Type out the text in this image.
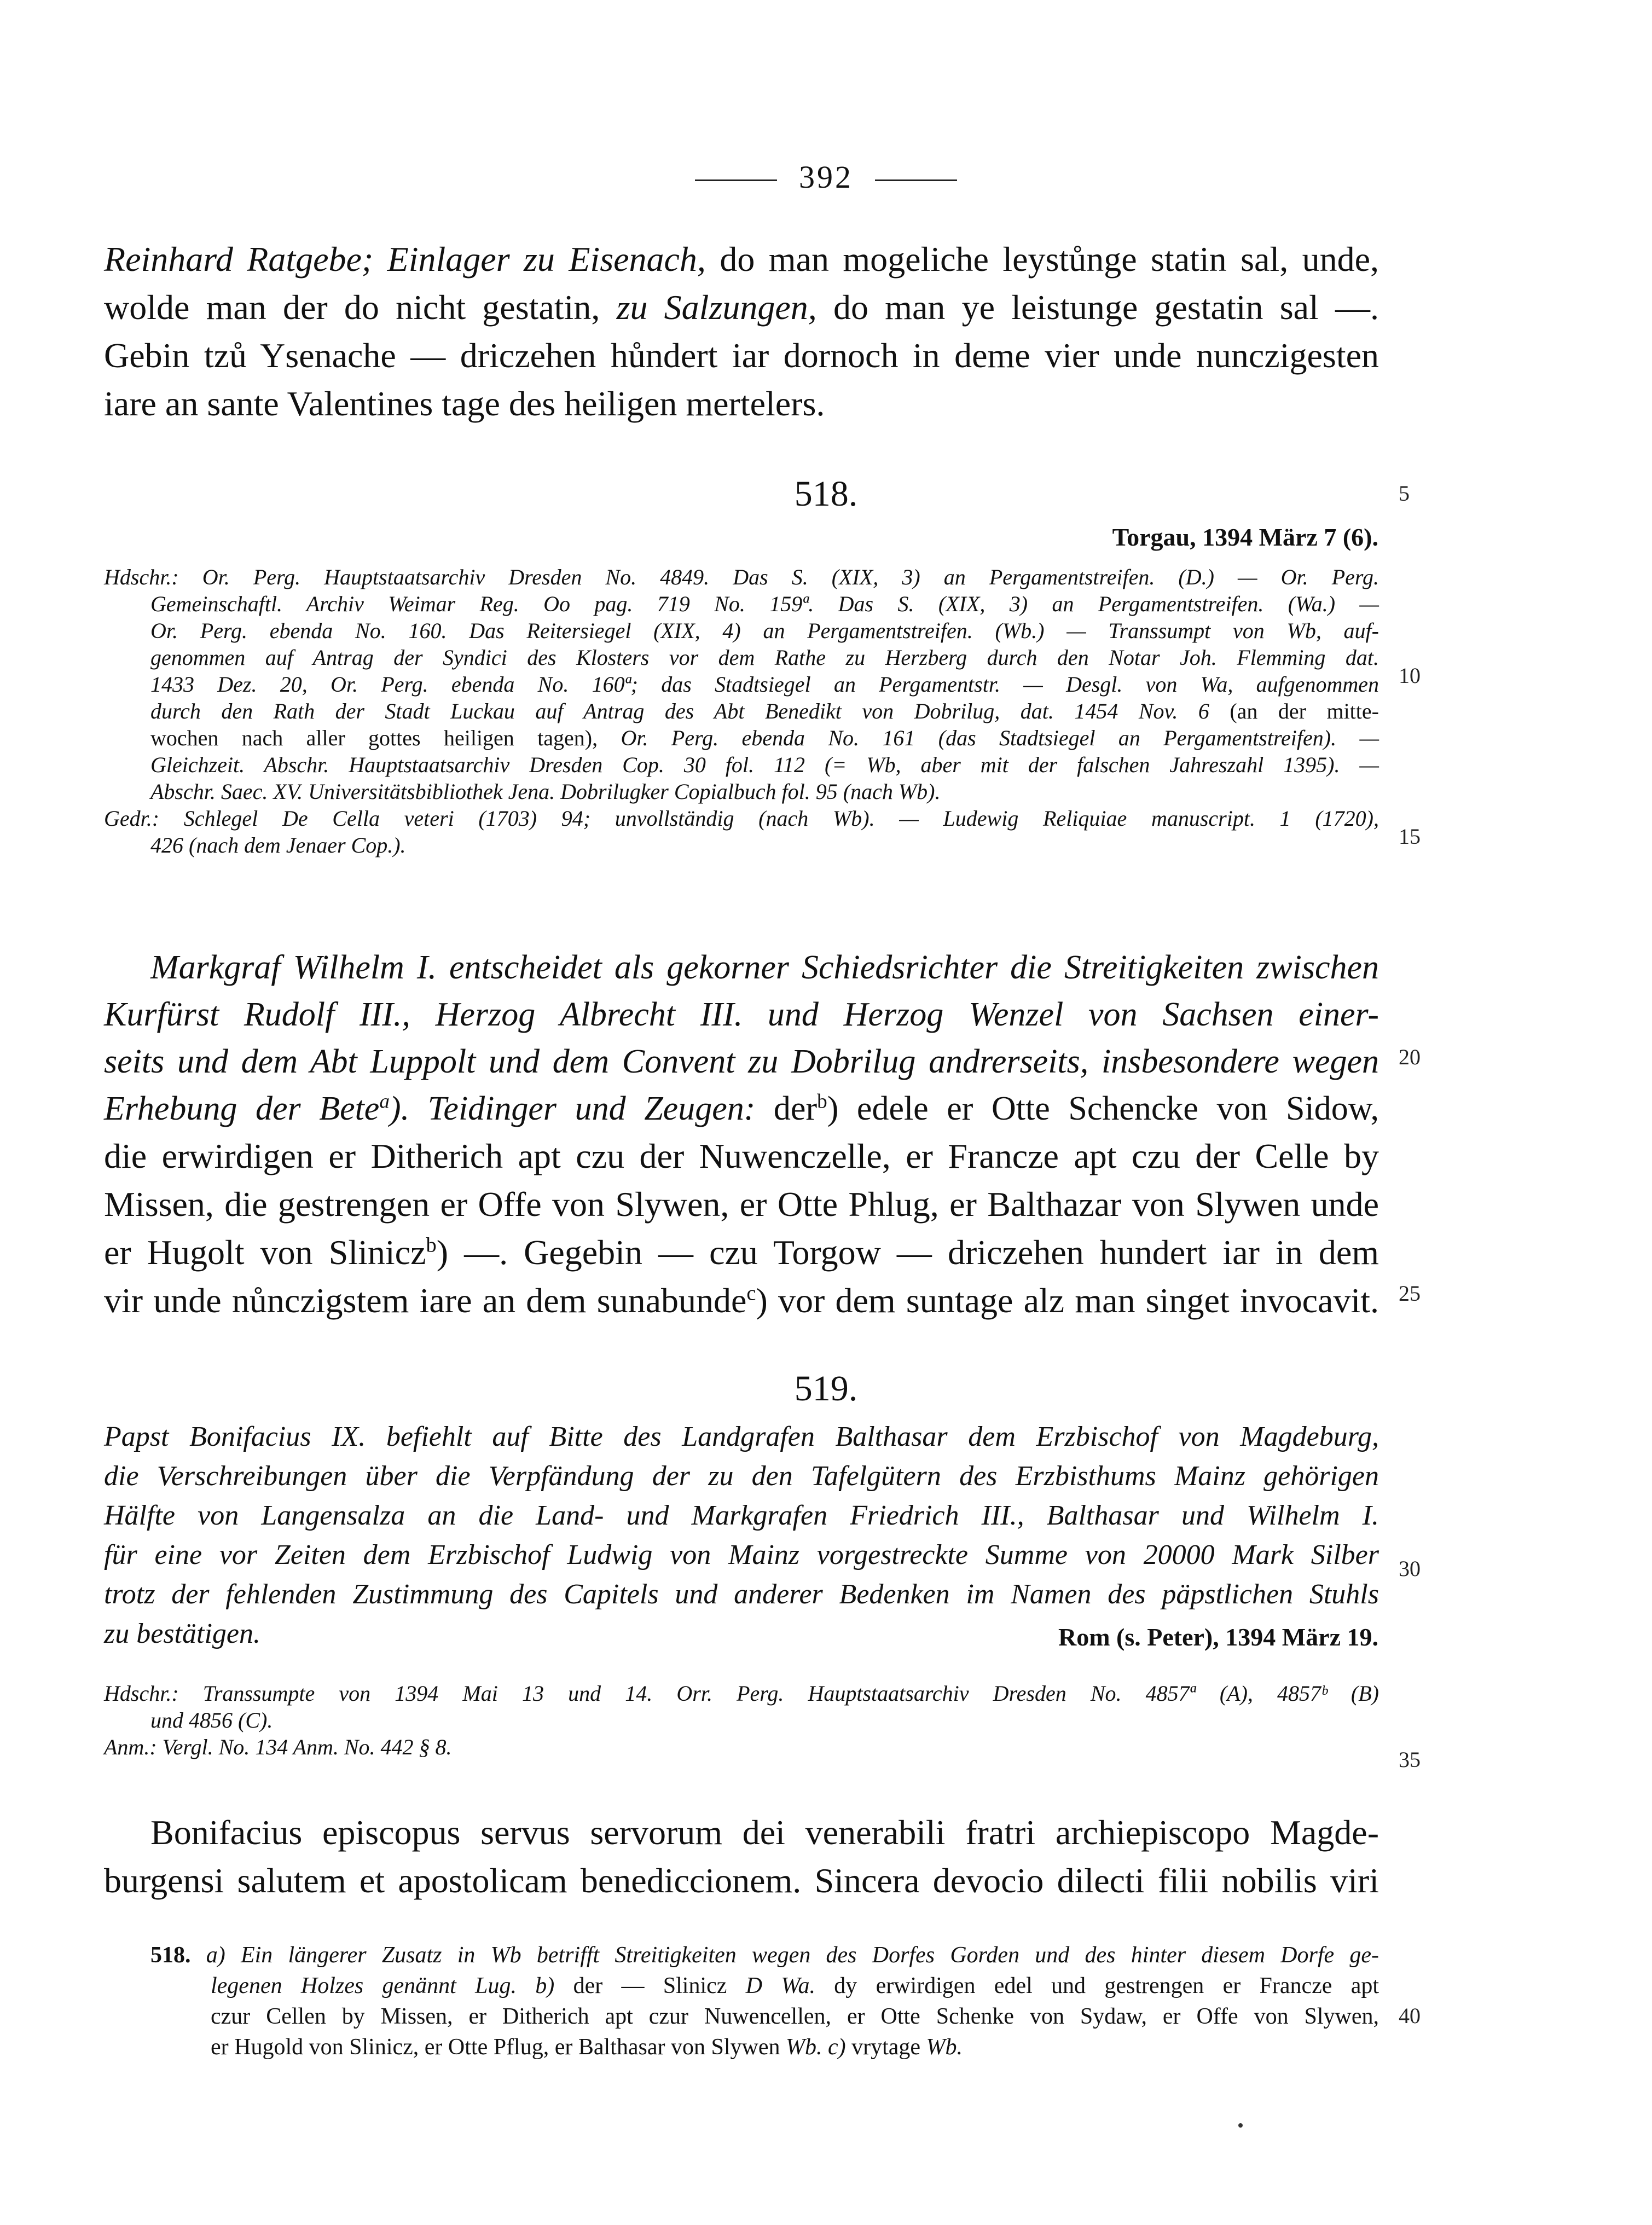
392
Reinhard Ratgebe; Einlager zu Eisenach, do man mogeliche leystůnge statin sal, unde,
wolde man der do nicht gestatin, zu Salzungen, do man ye leistunge gestatin sal —.
Gebin tzů Ysenache — driczehen hůndert iar dornoch in deme vier unde nunczigesten
iare an sante Valentines tage des heiligen mertelers.
518.
Torgau, 1394 März 7 (6).
Hdschr.: Or. Perg. Hauptstaatsarchiv Dresden No. 4849. Das S. (XIX, 3) an Pergamentstreifen. (D.) — Or. Perg.
Gemeinschaftl. Archiv Weimar Reg. Oo pag. 719 No. 159ª. Das S. (XIX, 3) an Pergamentstreifen. (Wa.) —
Or. Perg. ebenda No. 160. Das Reitersiegel (XIX, 4) an Pergamentstreifen. (Wb.) — Transsumpt von Wb, auf-
genommen auf Antrag der Syndici des Klosters vor dem Rathe zu Herzberg durch den Notar Joh. Flemming dat.
1433 Dez. 20, Or. Perg. ebenda No. 160ª; das Stadtsiegel an Pergamentstr. — Desgl. von Wa, aufgenommen
durch den Rath der Stadt Luckau auf Antrag des Abt Benedikt von Dobrilug, dat. 1454 Nov. 6 (an der mitte-
wochen nach aller gottes heiligen tagen), Or. Perg. ebenda No. 161 (das Stadtsiegel an Pergamentstreifen). —
Gleichzeit. Abschr. Hauptstaatsarchiv Dresden Cop. 30 fol. 112 (= Wb, aber mit der falschen Jahreszahl 1395). —
Abschr. Saec. XV. Universitätsbibliothek Jena. Dobrilugker Copialbuch fol. 95 (nach Wb).
Gedr.: Schlegel De Cella veteri (1703) 94; unvollständig (nach Wb). — Ludewig Reliquiae manuscript. 1 (1720),
426 (nach dem Jenaer Cop.).
Markgraf Wilhelm I. entscheidet als gekorner Schiedsrichter die Streitigkeiten zwischen
Kurfürst Rudolf III., Herzog Albrecht III. und Herzog Wenzel von Sachsen einer-
seits und dem Abt Luppolt und dem Convent zu Dobrilug andrerseits, insbesondere wegen
Erhebung der Bete$^a$). Teidinger und Zeugen: der$^b$) edele er Otte Schencke von Sidow,
die erwirdigen er Ditherich apt czu der Nuwenczelle, er Francze apt czu der Celle by
Missen, die gestrengen er Offe von Slywen, er Otte Phlug, er Balthazar von Slywen unde
er Hugolt von Slinicz$^b$) —. Gegebin — czu Torgow — driczehen hundert iar in dem
vir unde nůnczigstem iare an dem sunabunde$^c$) vor dem suntage alz man singet invocavit.
519.
Papst Bonifacius IX. befiehlt auf Bitte des Landgrafen Balthasar dem Erzbischof von Magdeburg,
die Verschreibungen über die Verpfändung der zu den Tafelgütern des Erzbisthums Mainz gehörigen
Hälfte von Langensalza an die Land- und Markgrafen Friedrich III., Balthasar und Wilhelm I.
für eine vor Zeiten dem Erzbischof Ludwig von Mainz vorgestreckte Summe von 20000 Mark Silber
trotz der fehlenden Zustimmung des Capitels und anderer Bedenken im Namen des päpstlichen Stuhls
zu bestätigen.	Rom (s. Peter), 1394 März 19.
Hdschr.: Transsumpte von 1394 Mai 13 und 14. Orr. Perg. Hauptstaatsarchiv Dresden No. 4857ª (A), 4857ᵇ (B)
und 4856 (C).
Anm.: Vergl. No. 134 Anm. No. 442 § 8.
Bonifacius episcopus servus servorum dei venerabili fratri archiepiscopo Magde-
burgensi salutem et apostolicam benediccionem. Sincera devocio dilecti filii nobilis viri
518. a) Ein längerer Zusatz in Wb betrifft Streitigkeiten wegen des Dorfes Gorden und des hinter diesem Dorfe ge-
legenen Holzes genännt Lug. b) der — Slinicz D Wa. dy erwirdigen edel und gestrengen er Francze apt
czur Cellen by Missen, er Ditherich apt czur Nuwencellen, er Otte Schenke von Sydaw, er Offe von Slywen,
er Hugold von Slinicz, er Otte Pflug, er Balthasar von Slywen Wb. c) vrytage Wb.
5
10
15
20
25
30
35
40
